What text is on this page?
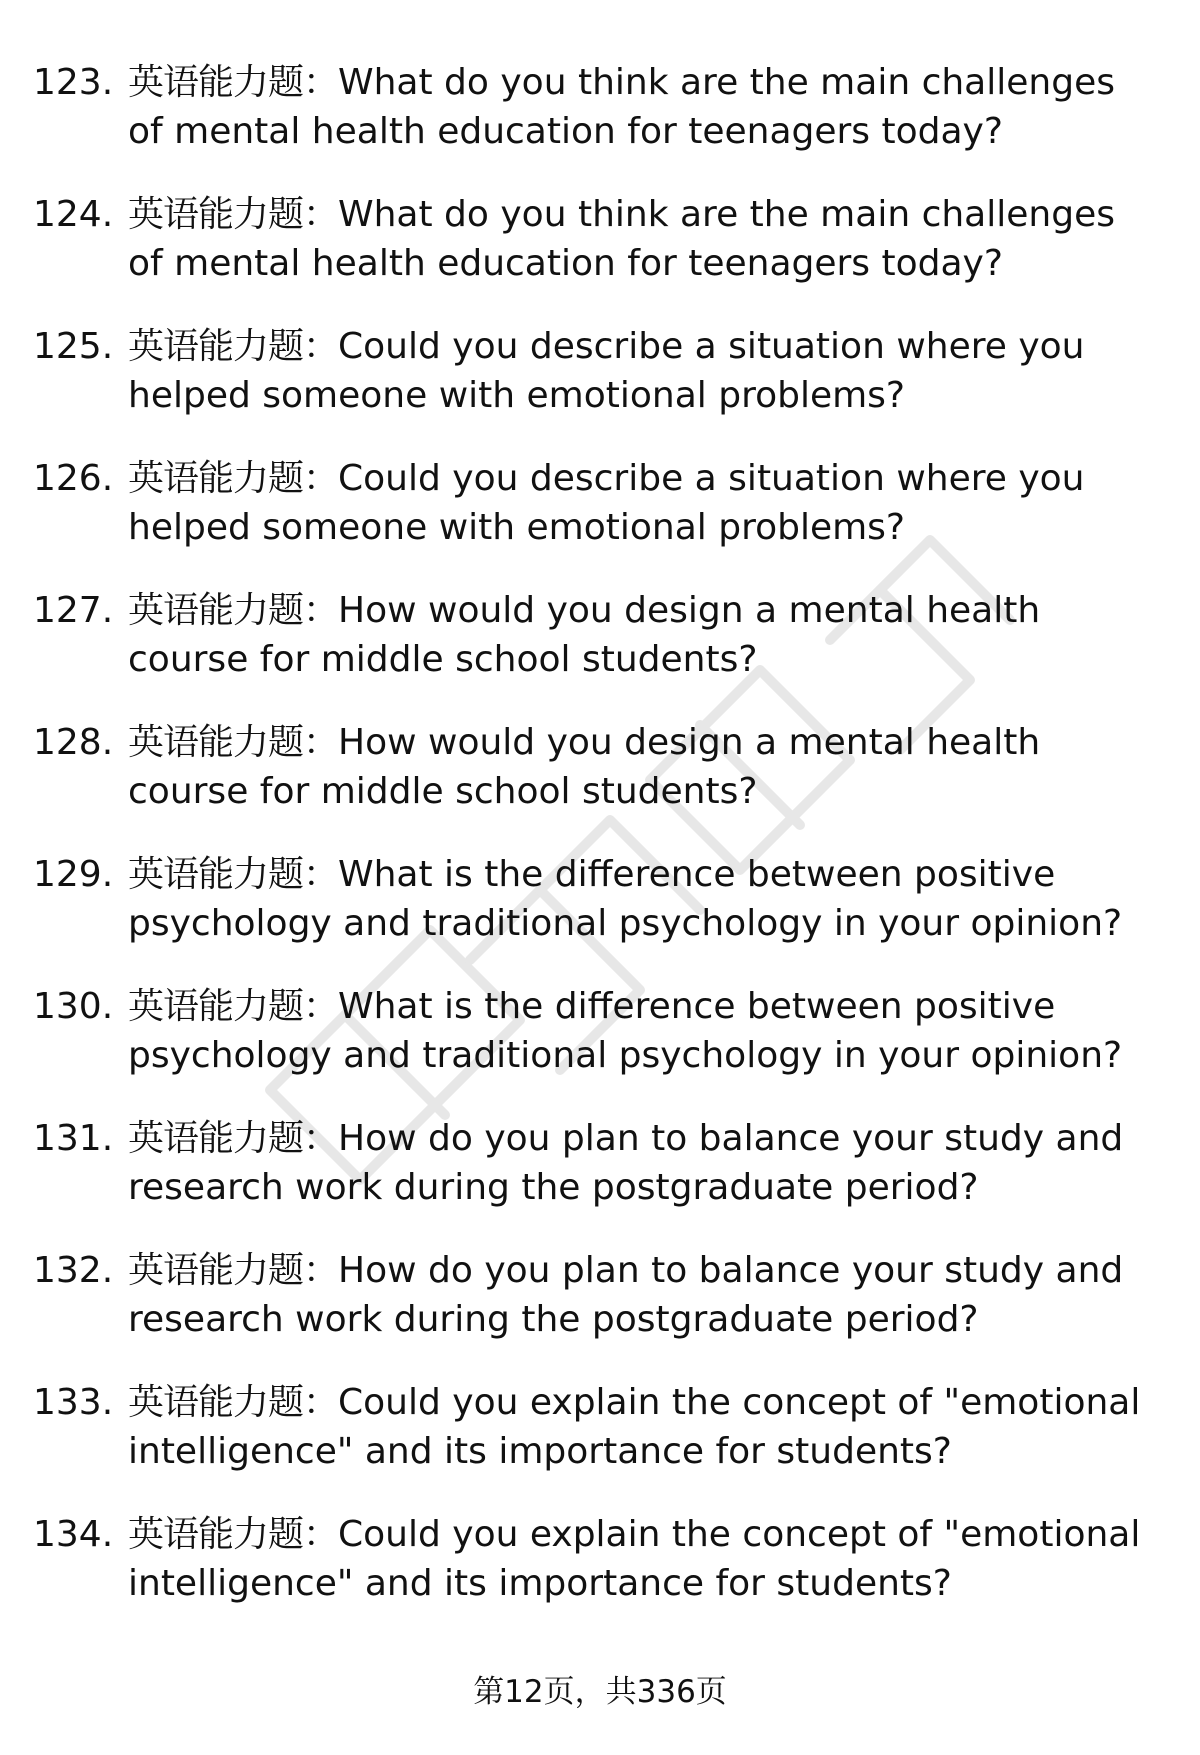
123. 英语能力题：What do you think are the main challenges of mental health education for teenagers today?
124. 英语能力题：What do you think are the main challenges of mental health education for teenagers today?
125. 英语能力题：Could you describe a situation where you helped someone with emotional problems?
126. 英语能力题：Could you describe a situation where you helped someone with emotional problems?
127. 英语能力题：How would you design a mental health course for middle school students?
128. 英语能力题：How would you design a mental health course for middle school students?
129. 英语能力题：What is the difference between positive psychology and traditional psychology in your opinion?
130. 英语能力题：What is the difference between positive psychology and traditional psychology in your opinion?
131. 英语能力题：How do you plan to balance your study and research work during the postgraduate period?
132. 英语能力题：How do you plan to balance your study and research work during the postgraduate period?
133. 英语能力题：Could you explain the concept of "emotional intelligence" and its importance for students?
134. 英语能力题：Could you explain the concept of "emotional intelligence" and its importance for students?
第12页，共336页
